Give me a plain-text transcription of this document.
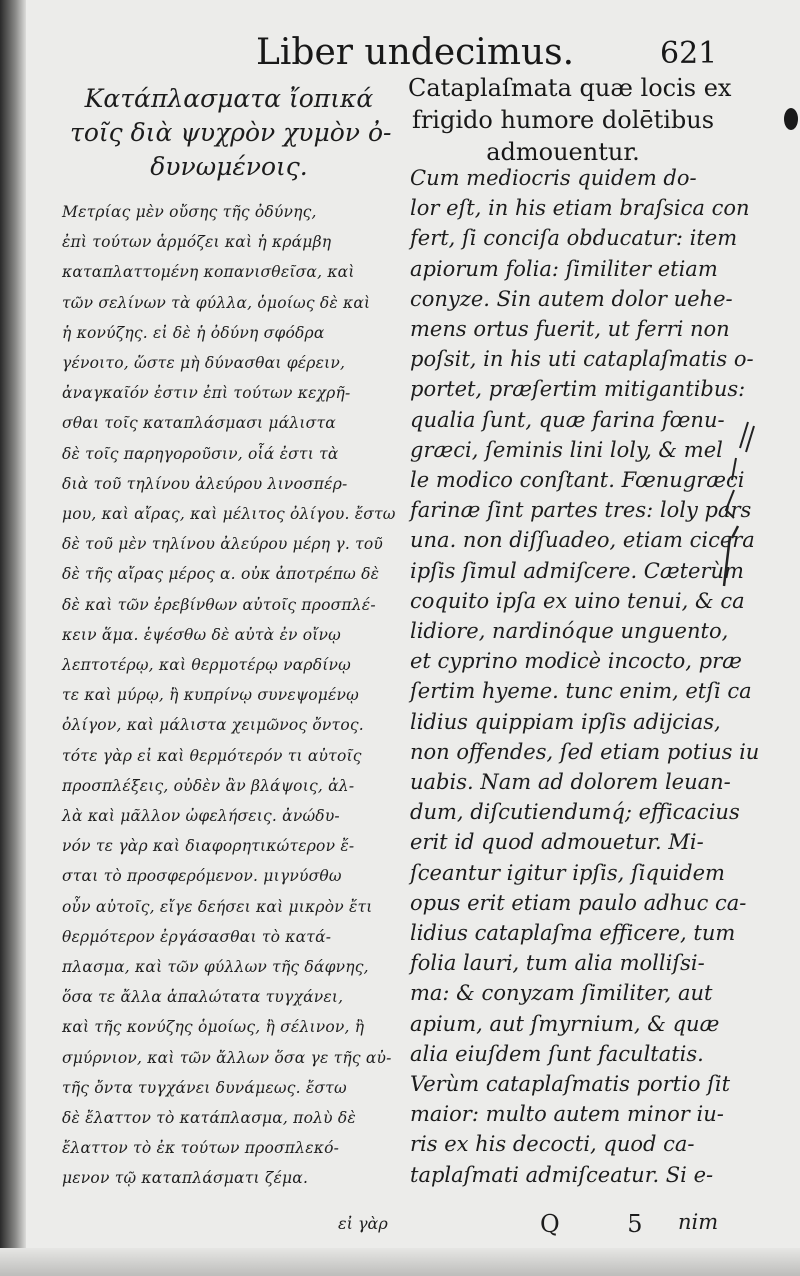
Liber undecimus.	621
Κατάπλασματα ἴοπικά
τοῖς διὰ ψυχρὸν χυμὸν ὀ-
δυνωμένοις.
Μετρίας μὲν οὔσης τῆς ὀδύνης,
ἐπὶ τούτων ἁρμόζει καὶ ἡ κράμβη
καταπλαττομένη κοπανισθεῖσα, καὶ
τῶν σελίνων τὰ φύλλα, ὁμοίως δὲ καὶ
ἡ κονύζης. εἰ δὲ ἡ ὀδύνη σφόδρα
γένοιτο, ὥστε μὴ δύνασθαι φέρειν,
ἀναγκαῖόν ἐστιν ἐπὶ τούτων κεχρῆ-
σθαι τοῖς καταπλάσμασι μάλιστα
δὲ τοῖς παρηγοροῦσιν, οἷά ἐστι τὰ
διὰ τοῦ τηλίνου ἀλεύρου λινοσπέρ-
μου, καὶ αἴρας, καὶ μέλιτος ὀλίγου. ἔστω
δὲ τοῦ μὲν τηλίνου ἀλεύρου μέρη γ. τοῦ
δὲ τῆς αἴρας μέρος α. οὐκ ἀποτρέπω δὲ
δὲ καὶ τῶν ἐρεβίνθων αὐτοῖς προσπλέ-
κειν ἅμα. ἑψέσθω δὲ αὐτὰ ἐν οἴνῳ
λεπτοτέρῳ, καὶ θερμοτέρῳ ναρδίνῳ
τε καὶ μύρῳ, ἢ κυπρίνῳ συνεψομένῳ
ὀλίγον, καὶ μάλιστα χειμῶνος ὄντος.
τότε γὰρ εἰ καὶ θερμότερόν τι αὐτοῖς
προσπλέξεις, οὐδὲν ἂν βλάψοις, ἀλ-
λὰ καὶ μᾶλλον ὠφελήσεις. ἀνώδυ-
νόν τε γὰρ καὶ διαφορητικώτερον ἔ-
σται τὸ προσφερόμενον. μιγνύσθω
οὖν αὐτοῖς, εἴγε δεήσει καὶ μικρὸν ἔτι
θερμότερον ἐργάσασθαι τὸ κατά-
πλασμα, καὶ τῶν φύλλων τῆς δάφνης,
ὅσα τε ἄλλα ἁπαλώτατα τυγχάνει,
καὶ τῆς κονύζης ὁμοίως, ἢ σέλινον, ἢ
σμύρνιον, καὶ τῶν ἄλλων ὅσα γε τῆς αὐ-
τῆς ὄντα τυγχάνει δυνάμεως. ἔστω
δὲ ἔλαττον τὸ κατάπλασμα, πολὺ δὲ
ἔλαττον τὸ ἐκ τούτων προσπλεκό-
μενον τῷ καταπλάσματι ζέμα.
Cataplaſmata quæ locis ex
frigido humore dolētibus
admouentur.
Cum mediocris quidem do-
lor eſt, in his etiam braſsica con
fert, ſi conciſa obducatur: item
apiorum folia: ſimiliter etiam
conyze. Sin autem dolor uehe-
mens ortus fuerit, ut ferri non
poſsit, in his uti cataplaſmatis o-
portet, præſertim mitigantibus:
qualia ſunt, quæ farina fœnu-
græci, ſeminis lini loly, & mel
le modico conſtant. Fœnugræci
farinæ ſint partes tres: loly pars
una. non diſſuadeo, etiam cicera
ipſis ſimul admiſcere. Cæterùm
coquito ipſa ex uino tenui, & ca
lidiore, nardinóque unguento,
et cyprino modicè incocto, præ
ſertim hyeme. tunc enim, etſi ca
lidius quippiam ipſis adijcias,
non offendes, ſed etiam potius iu
uabis. Nam ad dolorem leuan-
dum, diſcutiendumq́; efficacius
erit id quod admouetur. Mi-
ſceantur igitur ipſis, ſiquidem
opus erit etiam paulo adhuc ca-
lidius cataplaſma efficere, tum
folia lauri, tum alia molliſsi-
ma: & conyzam ſimiliter, aut
apium, aut ſmyrnium, & quæ
alia eiuſdem ſunt facultatis.
Verùm cataplaſmatis portio ſit
maior: multo autem minor iu-
ris ex his decocti, quod ca-
taplaſmati admiſceatur. Si e-
εἰ γὰρ	Q 5 nim
